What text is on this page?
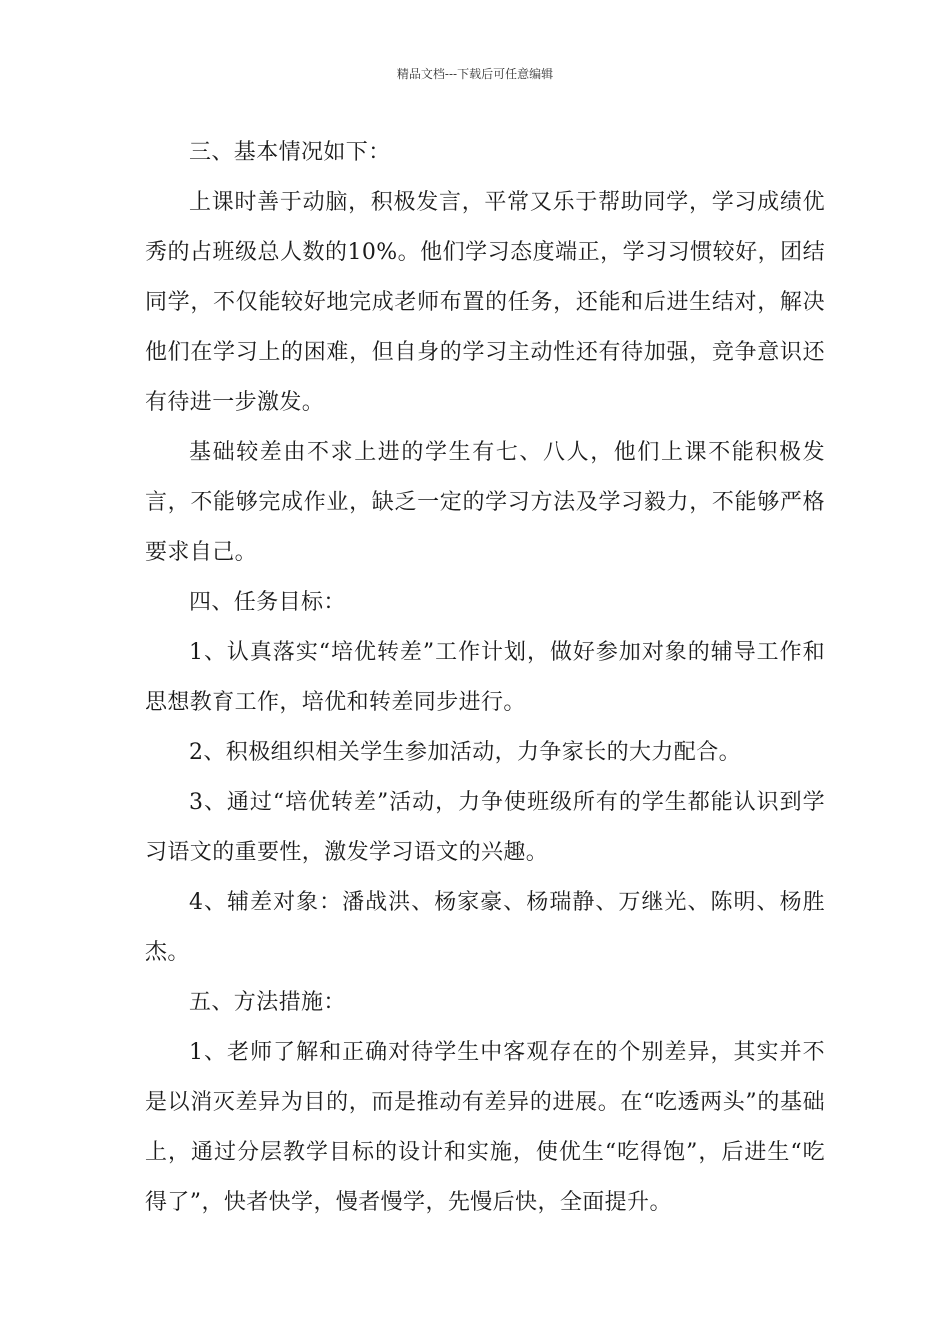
精品文档---下载后可任意编辑

三、基本情况如下：

上课时善于动脑，积极发言，平常又乐于帮助同学，学习成绩优秀的占班级总人数的10%。他们学习态度端正，学习习惯较好，团结同学，不仅能较好地完成老师布置的任务，还能和后进生结对，解决他们在学习上的困难，但自身的学习主动性还有待加强，竞争意识还有待进一步激发。

基础较差由不求上进的学生有七、八人，他们上课不能积极发言，不能够完成作业，缺乏一定的学习方法及学习毅力，不能够严格要求自己。

四、任务目标：

1、认真落实“培优转差”工作计划，做好参加对象的辅导工作和思想教育工作，培优和转差同步进行。

2、积极组织相关学生参加活动，力争家长的大力配合。

3、通过“培优转差”活动，力争使班级所有的学生都能认识到学习语文的重要性，激发学习语文的兴趣。

4、辅差对象：潘战洪、杨家豪、杨瑞静、万继光、陈明、杨胜杰。

五、方法措施：

1、老师了解和正确对待学生中客观存在的个别差异，其实并不是以消灭差异为目的，而是推动有差异的进展。在“吃透两头”的基础上，通过分层教学目标的设计和实施，使优生“吃得饱”，后进生“吃得了”，快者快学，慢者慢学，先慢后快，全面提升。
